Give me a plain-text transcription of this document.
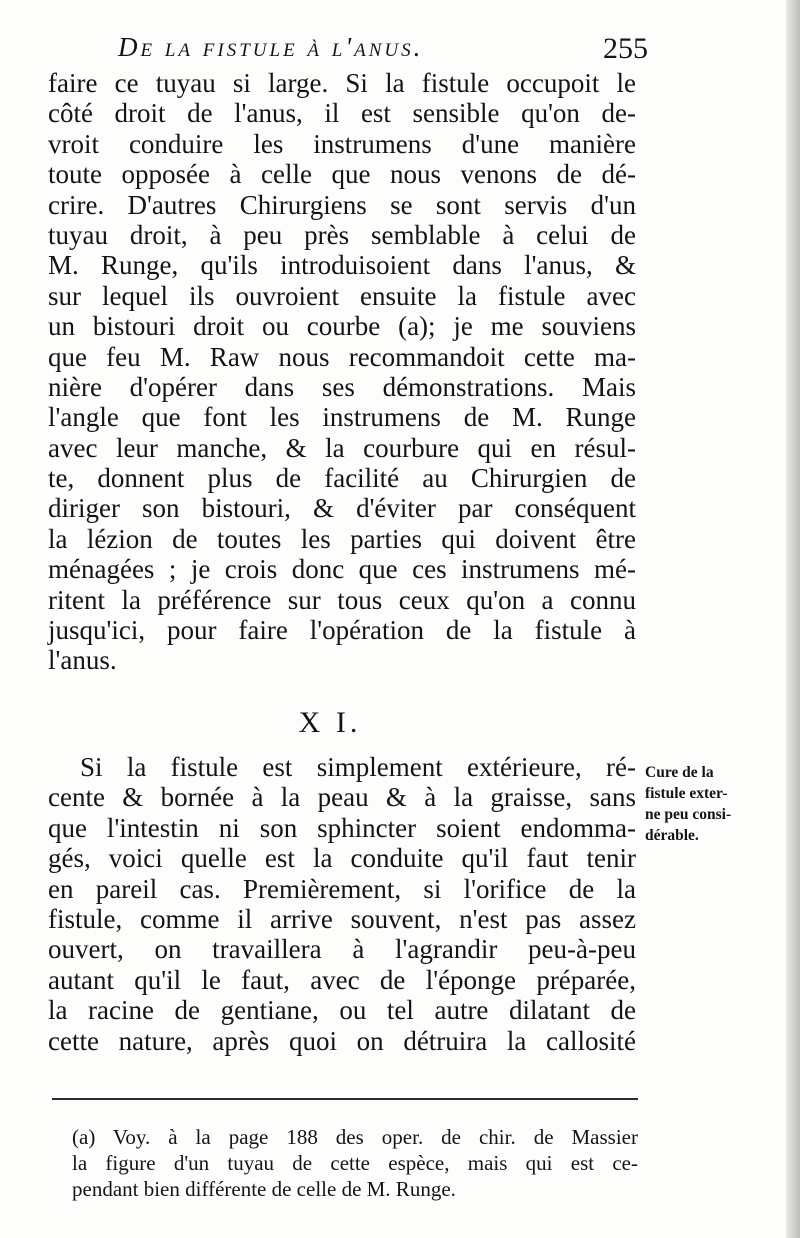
De la fistule à l'anus.	255
faire ce tuyau si large. Si la fistule occupoit le
côté droit de l'anus, il est sensible qu'on de-
vroit conduire les instrumens d'une manière
toute opposée à celle que nous venons de dé-
crire. D'autres Chirurgiens se sont servis d'un
tuyau droit, à peu près semblable à celui de
M. Runge, qu'ils introduisoient dans l'anus, &
sur lequel ils ouvroient ensuite la fistule avec
un bistouri droit ou courbe (a); je me souviens
que feu M. Raw nous recommandoit cette ma-
nière d'opérer dans ses démonstrations. Mais
l'angle que font les instrumens de M. Runge
avec leur manche, & la courbure qui en résul-
te, donnent plus de facilité au Chirurgien de
diriger son bistouri, & d'éviter par conséquent
la lézion de toutes les parties qui doivent être
ménagées ; je crois donc que ces instrumens mé-
ritent la préférence sur tous ceux qu'on a connu
jusqu'ici, pour faire l'opération de la fistule à
l'anus.
X I.
Si la fistule est simplement extérieure, ré-
cente & bornée à la peau & à la graisse, sans
que l'intestin ni son sphincter soient endomma-
gés, voici quelle est la conduite qu'il faut tenir
en pareil cas. Premièrement, si l'orifice de la
fistule, comme il arrive souvent, n'est pas assez
ouvert, on travaillera à l'agrandir peu-à-peu
autant qu'il le faut, avec de l'éponge préparée,
la racine de gentiane, ou tel autre dilatant de
cette nature, après quoi on détruira la callosité
Cure de la
fistule exter-
ne peu consi-
dérable.
(a) Voy. à la page 188 des oper. de chir. de Massier
la figure d'un tuyau de cette espèce, mais qui est ce-
pendant bien différente de celle de M. Runge.
